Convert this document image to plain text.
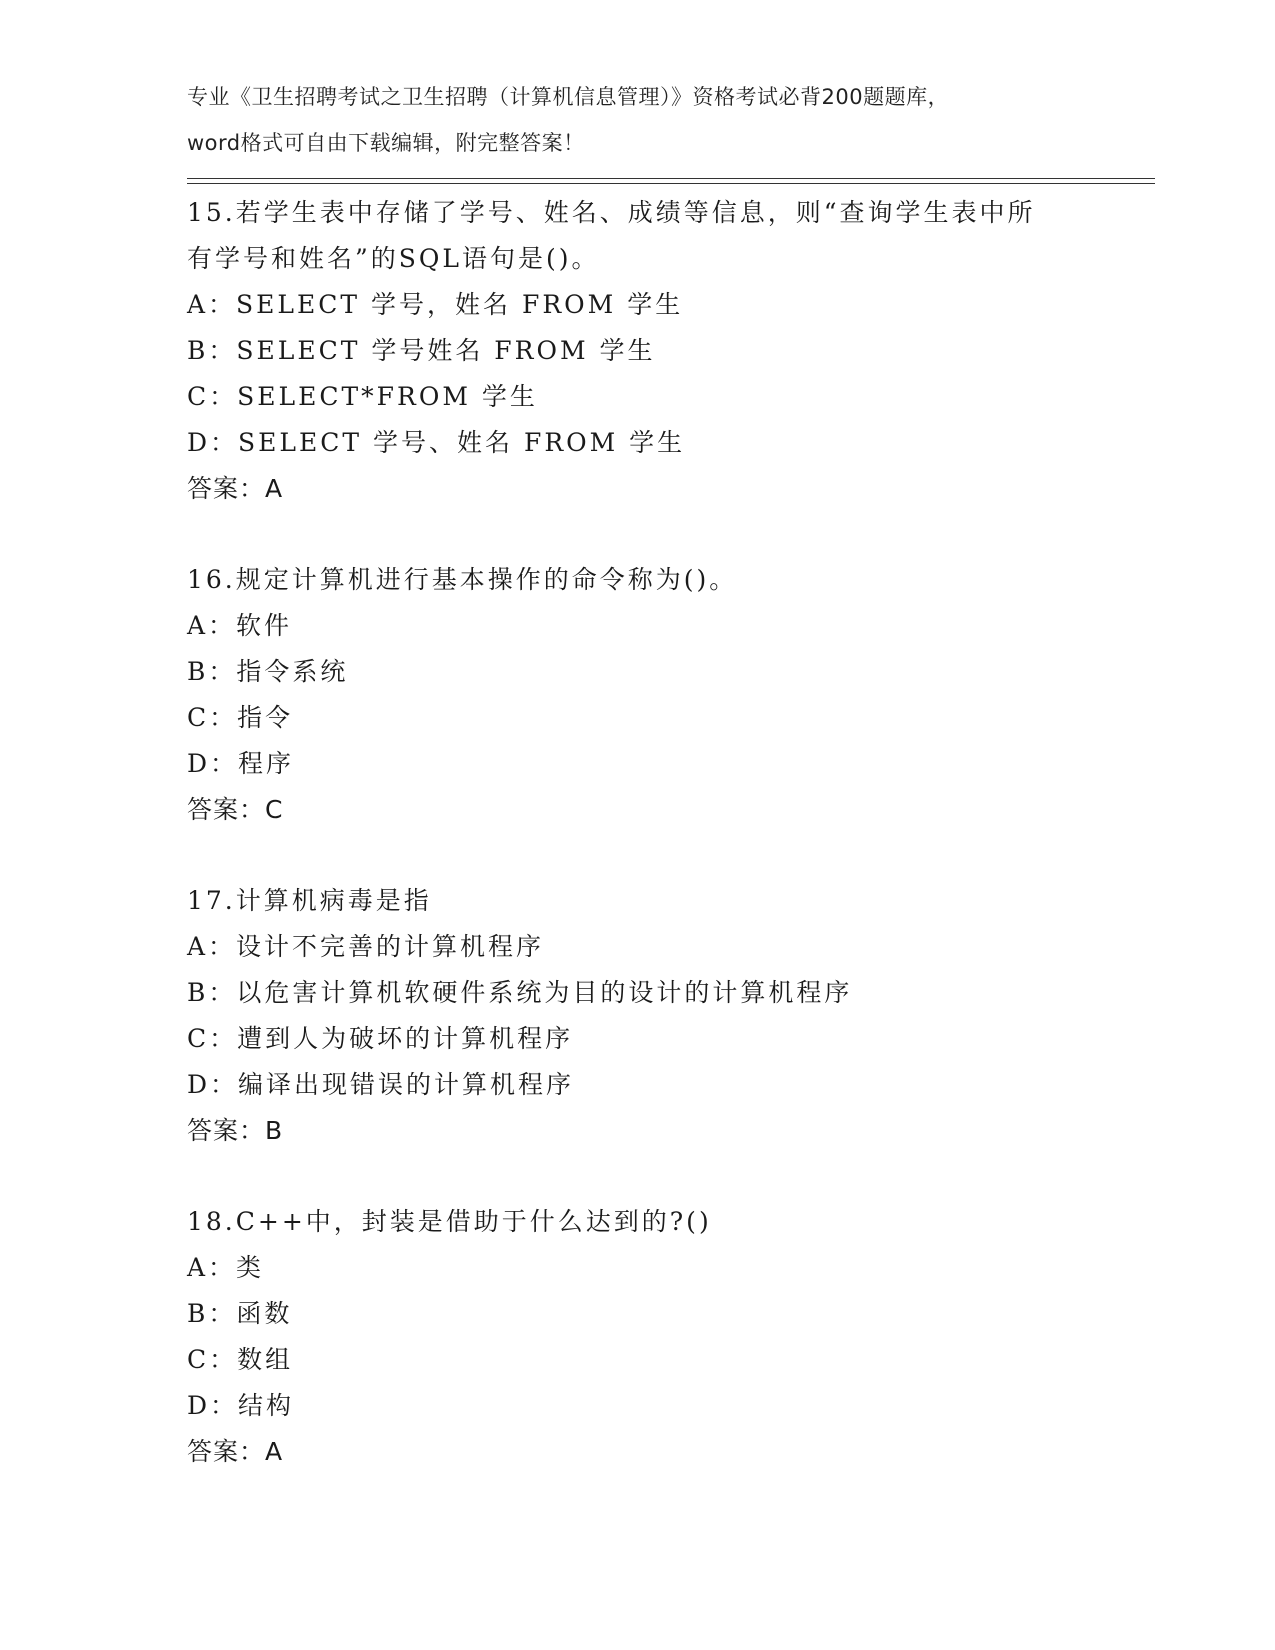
专业《卫生招聘考试之卫生招聘（计算机信息管理）》资格考试必背200题题库，
word格式可自由下载编辑，附完整答案！
15.若学生表中存储了学号、姓名、成绩等信息，则“查询学生表中所
有学号和姓名”的SQL语句是()。
A：SELECT 学号，姓名 FROM 学生
B：SELECT 学号姓名 FROM 学生
C：SELECT*FROM 学生
D：SELECT 学号、姓名 FROM 学生
答案：A
16.规定计算机进行基本操作的命令称为()。
A：软件
B：指令系统
C：指令
D：程序
答案：C
17.计算机病毒是指
A：设计不完善的计算机程序
B：以危害计算机软硬件系统为目的设计的计算机程序
C：遭到人为破坏的计算机程序
D：编译出现错误的计算机程序
答案：B
18.C++中，封装是借助于什么达到的?()
A：类
B：函数
C：数组
D：结构
答案：A
